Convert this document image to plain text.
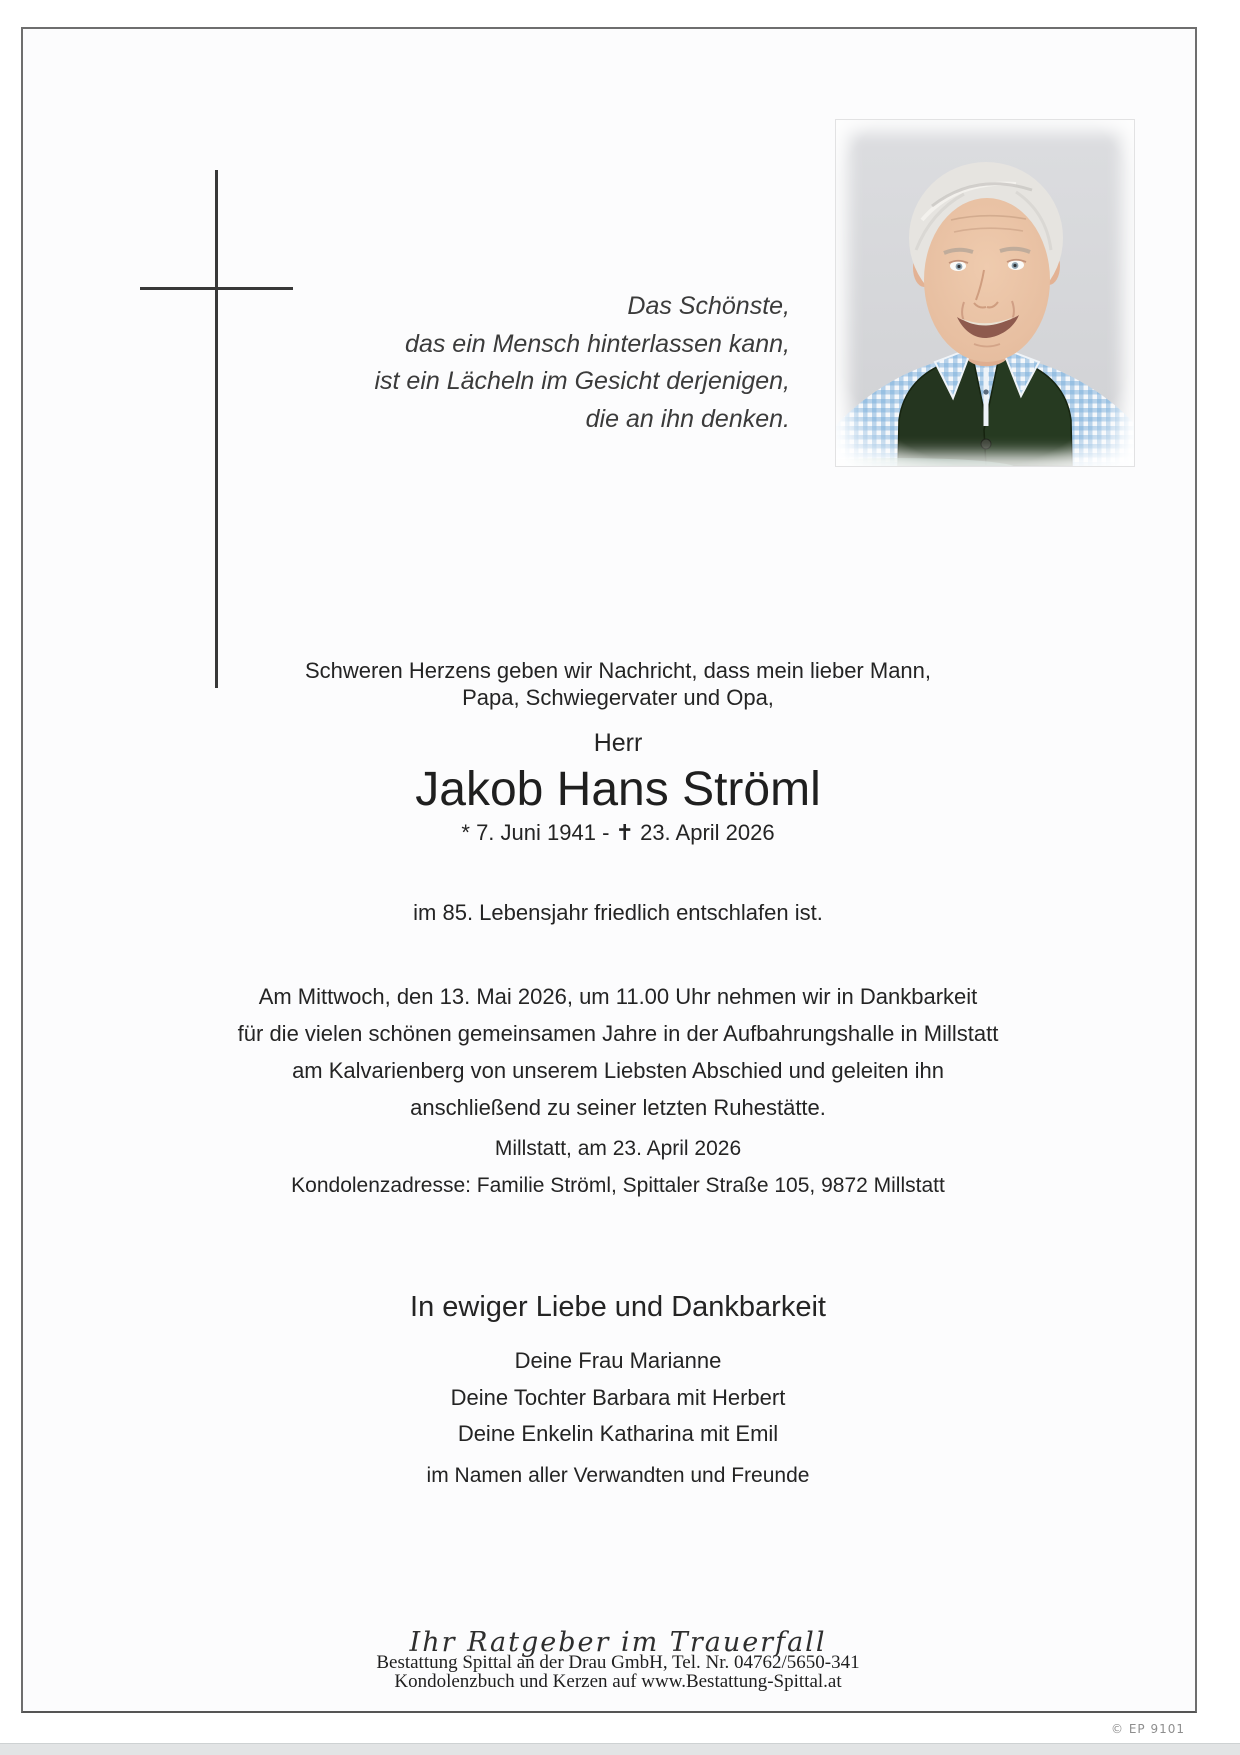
Das Schönste,
das ein Mensch hinterlassen kann,
ist ein Lächeln im Gesicht derjenigen,
die an ihn denken.
Schweren Herzens geben wir Nachricht, dass mein lieber Mann,
Papa, Schwiegervater und Opa,
Herr
Jakob Hans Ströml
* 7. Juni 1941 - ✝ 23. April 2026
im 85. Lebensjahr friedlich entschlafen ist.
Am Mittwoch, den 13. Mai 2026, um 11.00 Uhr nehmen wir in Dankbarkeit
für die vielen schönen gemeinsamen Jahre in der Aufbahrungshalle in Millstatt
am Kalvarienberg von unserem Liebsten Abschied und geleiten ihn
anschließend zu seiner letzten Ruhestätte.
Millstatt, am 23. April 2026
Kondolenzadresse: Familie Ströml, Spittaler Straße 105, 9872 Millstatt
In ewiger Liebe und Dankbarkeit
Deine Frau Marianne
Deine Tochter Barbara mit Herbert
Deine Enkelin Katharina mit Emil
im Namen aller Verwandten und Freunde
Ihr Ratgeber im Trauerfall
Bestattung Spittal an der Drau GmbH, Tel. Nr. 04762/5650-341
Kondolenzbuch und Kerzen auf www.Bestattung-Spittal.at
© EP 9101
